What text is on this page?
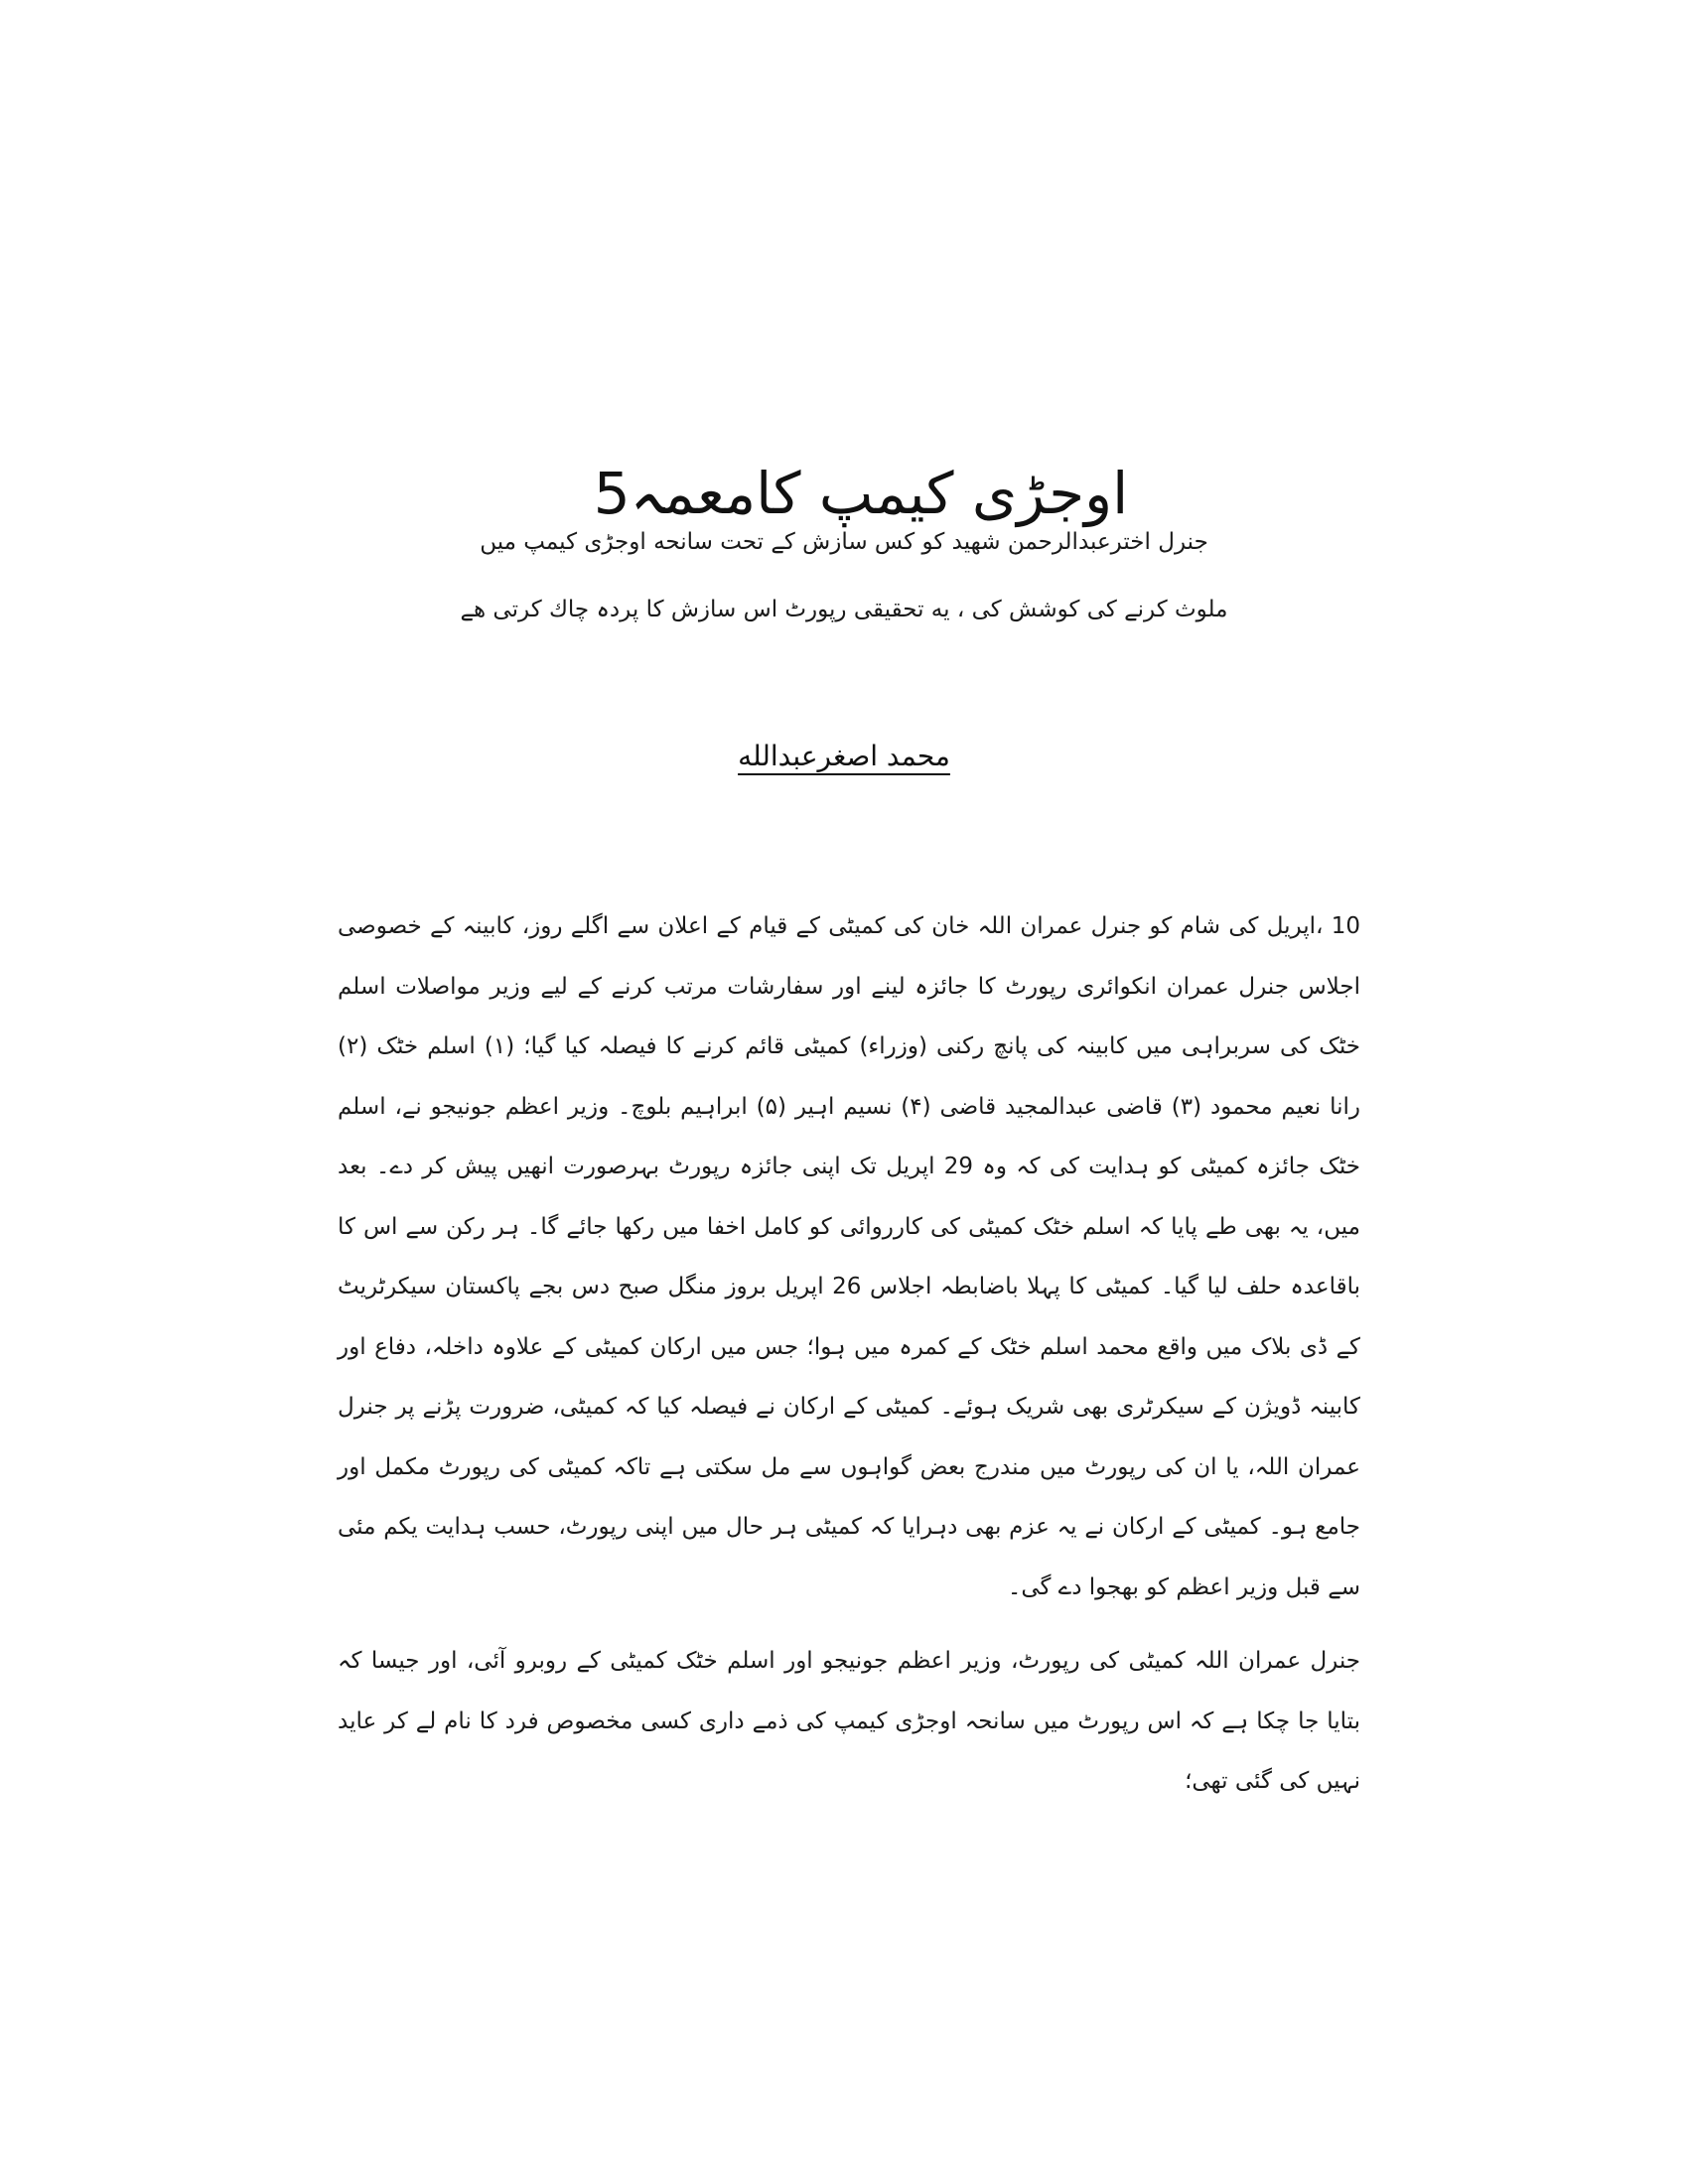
اوجڑی کیمپ کامعمہ5

جنرل اخترعبدالرحمن شهید کو کس سازش کے تحت سانحه اوجڑی کیمپ میں

ملوث کرنے کی کوشش کی ، یه تحقیقی رپورٹ اس سازش کا پردہ چاك کرتی هے

محمد اصغرعبدالله

10 ،اپریل کی شام کو جنرل عمران اللہ خان کی کمیٹی کے قیام کے اعلان سے اگلے روز، کابینہ کے خصوصی اجلاس جنرل عمران انکوائری رپورٹ کا جائزہ لینے اور سفارشات مرتب کرنے کے لیے وزیر مواصلات اسلم خٹک کی سربراہی میں کابینہ کی پانچ رکنی (وزراء) کمیٹی قائم کرنے کا فیصلہ کیا گیا؛ (۱) اسلم خٹک (۲) رانا نعیم محمود (۳) قاضی عبدالمجید قاضی (۴) نسیم اہیر (۵) ابراہیم بلوچ۔ وزیر اعظم جونیجو نے، اسلم خٹک جائزہ کمیٹی کو ہدایت کی کہ وہ 29 اپریل تک اپنی جائزہ رپورٹ بہرصورت انھیں پیش کر دے۔ بعد میں، یہ بھی طے پایا کہ اسلم خٹک کمیٹی کی کارروائی کو کامل اخفا میں رکھا جائے گا۔ ہر رکن سے اس کا باقاعدہ حلف لیا گیا۔ کمیٹی کا پہلا باضابطہ اجلاس 26 اپریل بروز منگل صبح دس بجے پاکستان سیکرٹریٹ کے ڈی بلاک میں واقع محمد اسلم خٹک کے کمرہ میں ہوا؛ جس میں ارکان کمیٹی کے علاوہ داخلہ، دفاع اور کابینہ ڈویژن کے سیکرٹری بھی شریک ہوئے۔ کمیٹی کے ارکان نے فیصلہ کیا کہ کمیٹی، ضرورت پڑنے پر جنرل عمران اللہ، یا ان کی رپورٹ میں مندرج بعض گواہوں سے مل سکتی ہے تاکہ کمیٹی کی رپورٹ مکمل اور جامع ہو۔ کمیٹی کے ارکان نے یہ عزم بھی دہرایا کہ کمیٹی ہر حال میں اپنی رپورٹ، حسب ہدایت یکم مئی سے قبل وزیر اعظم کو بھجوا دے گی۔

جنرل عمران اللہ کمیٹی کی رپورٹ، وزیر اعظم جونیجو اور اسلم خٹک کمیٹی کے روبرو آئی، اور جیسا کہ بتایا جا چکا ہے کہ اس رپورٹ میں سانحہ اوجڑی کیمپ کی ذمے داری کسی مخصوص فرد کا نام لے کر عاید نہیں کی گئی تھی؛
